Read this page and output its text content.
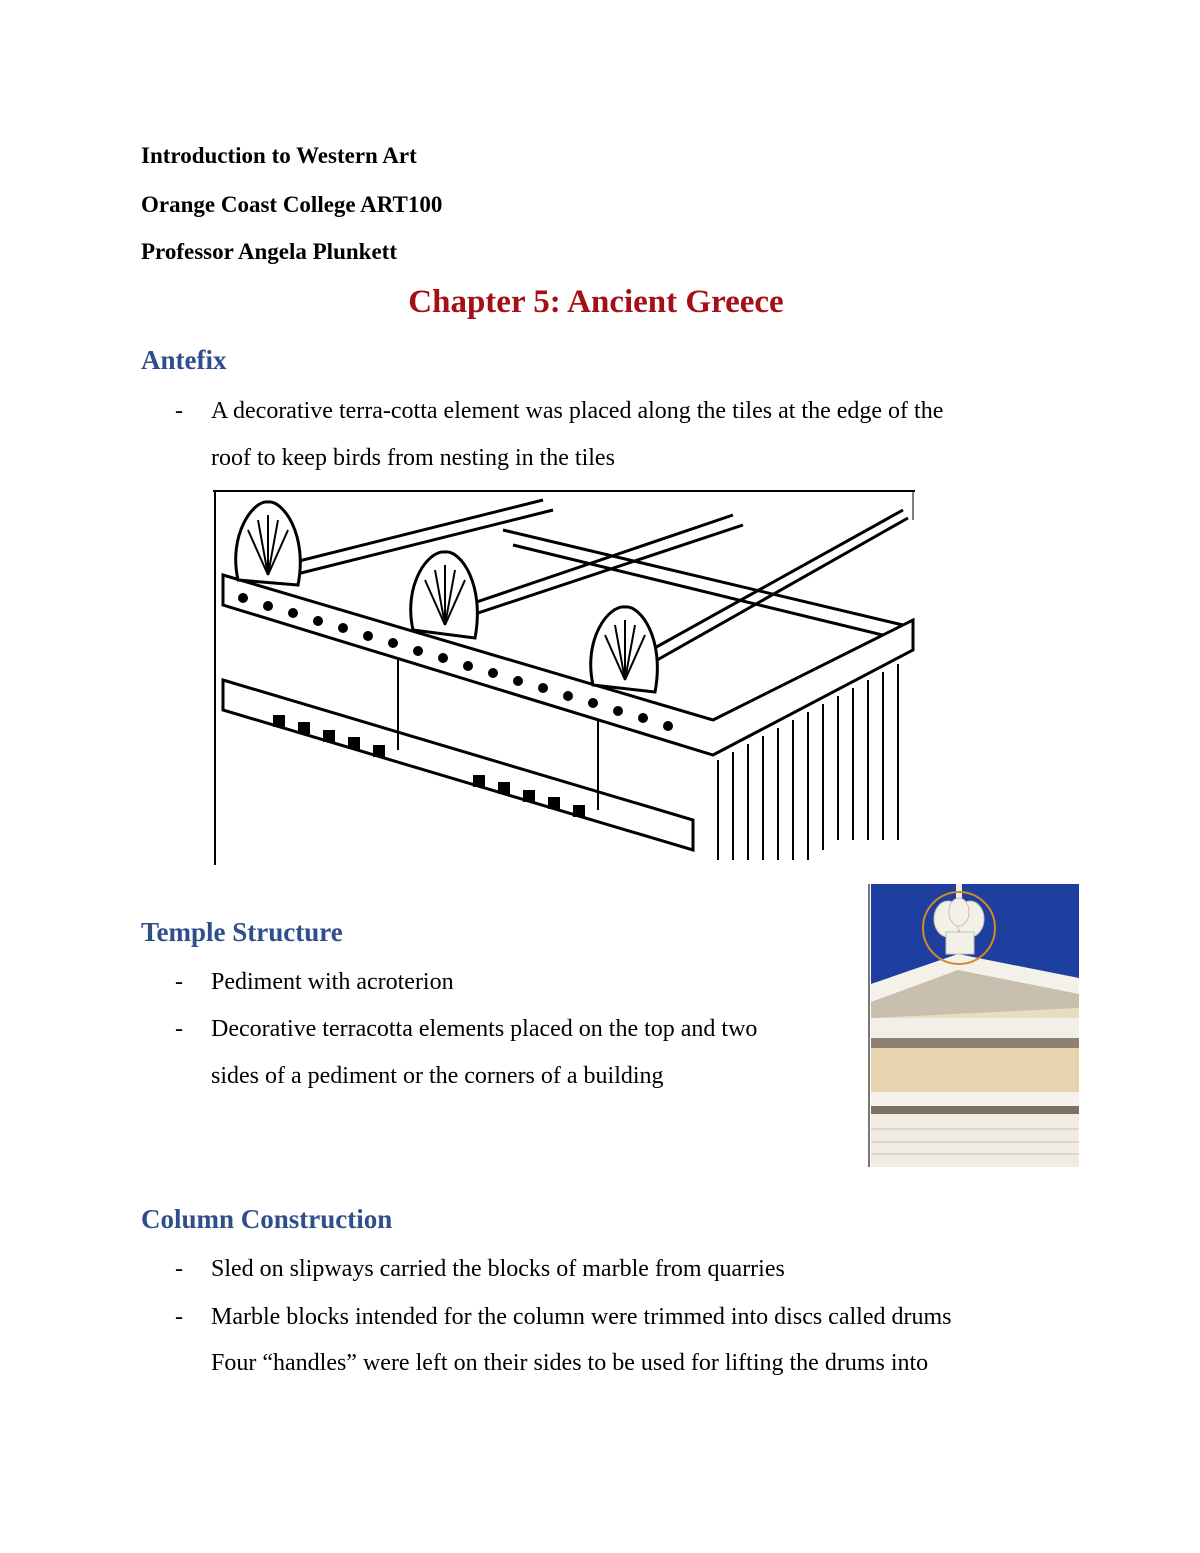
Introduction to Western Art
Orange Coast College ART100
Professor Angela Plunkett
Chapter 5: Ancient Greece
Antefix
- A decorative terra-cotta element was placed along the tiles at the edge of the
roof to keep birds from nesting in the tiles
Temple Structure
- Pediment with acroterion
- Decorative terracotta elements placed on the top and two
sides of a pediment or the corners of a building
Column Construction
- Sled on slipways carried the blocks of marble from quarries
- Marble blocks intended for the column were trimmed into discs called drums
Four “handles” were left on their sides to be used for lifting the drums into
